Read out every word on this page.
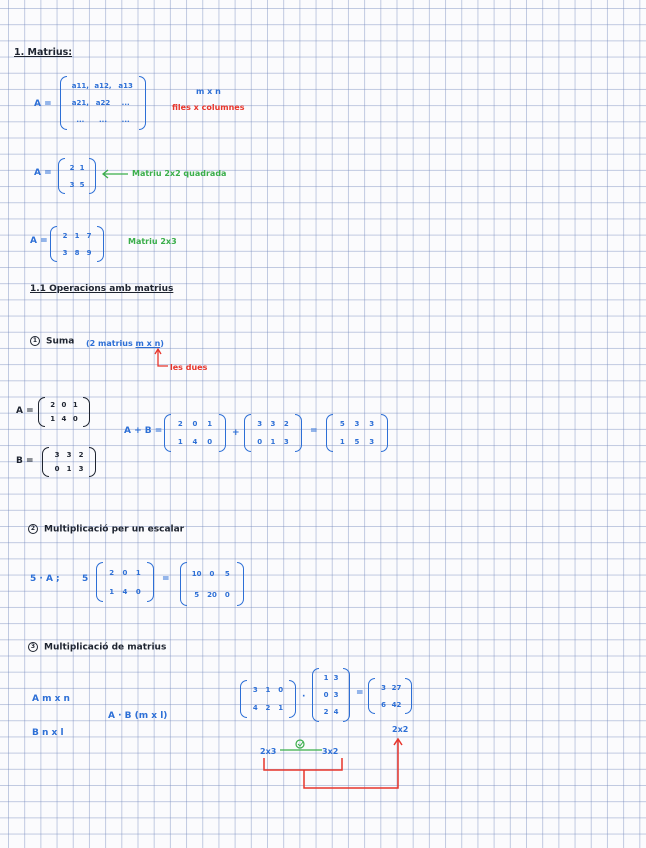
1. Matrius:
A =
a11, a12, a13
a21, a22 ...
... ... ...
m x n
files x columnes
A =
2 1
3 5
Matriu 2x2 quadrada
A =
2 1 7
3 8 9
Matriu 2x3
1.1 Operacions amb matrius
1 Suma (2 matrius m x n)
les dues
A =
2 0 1
1 4 0
B =
3 3 2
0 1 3
A + B =
2 0 1
1 4 0
+
3 3 2
0 1 3
=
5 3 3
1 5 3
2 Multiplicació per un escalar
5 · A ; 5
2 0 1
1 4 0
=
10 0 5
5 20 0
3 Multiplicació de matrius
A m x n
B n x l
A · B (m x l)
3 1 0
4 2 1
·
1 3
0 3
2 4
=
3 27
6 42
2x2
2x3	3x2
